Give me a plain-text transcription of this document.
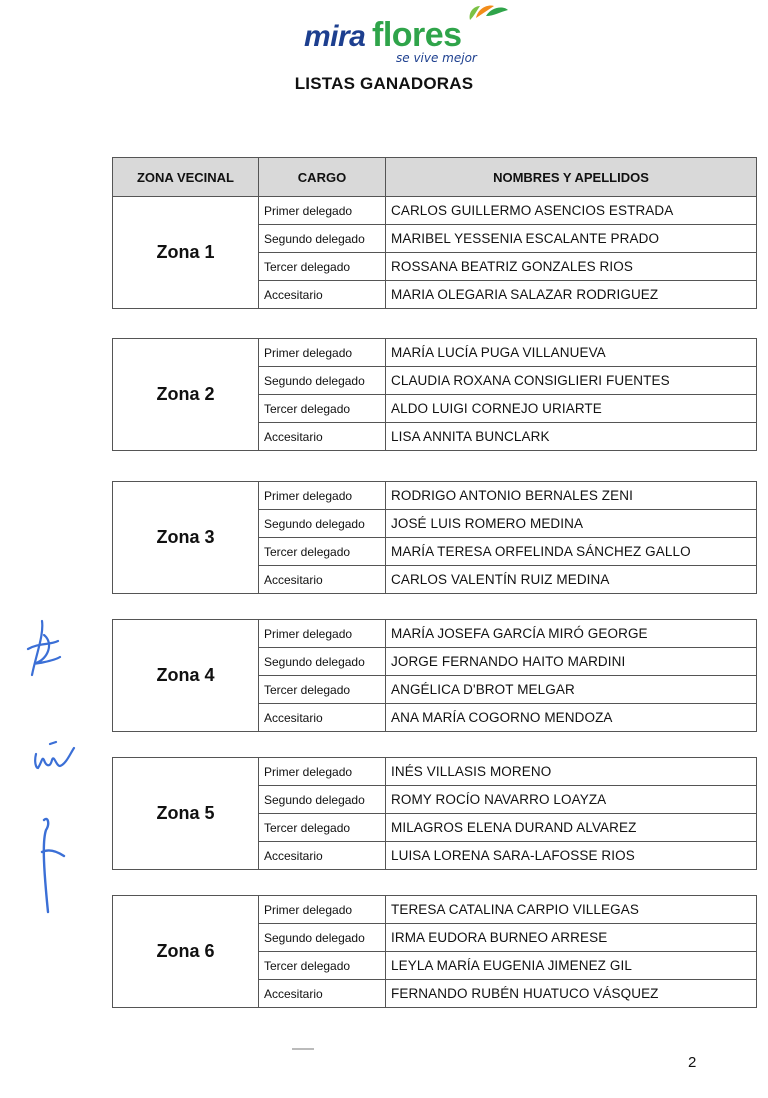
mira flores
se vive mejor
LISTAS GANADORAS
ZONA VECINAL	CARGO	NOMBRES Y APELLIDOS
Zona 1	Primer delegado	CARLOS GUILLERMO ASENCIOS ESTRADA
	Segundo delegado	MARIBEL YESSENIA ESCALANTE PRADO
	Tercer delegado	ROSSANA BEATRIZ GONZALES RIOS
	Accesitario	MARIA OLEGARIA SALAZAR RODRIGUEZ
Zona 2	Primer delegado	MARÍA LUCÍA PUGA VILLANUEVA
	Segundo delegado	CLAUDIA ROXANA CONSIGLIERI FUENTES
	Tercer delegado	ALDO LUIGI CORNEJO URIARTE
	Accesitario	LISA ANNITA BUNCLARK
Zona 3	Primer delegado	RODRIGO ANTONIO BERNALES ZENI
	Segundo delegado	JOSÉ LUIS ROMERO MEDINA
	Tercer delegado	MARÍA TERESA ORFELINDA SÁNCHEZ GALLO
	Accesitario	CARLOS VALENTÍN RUIZ MEDINA
Zona 4	Primer delegado	MARÍA JOSEFA GARCÍA MIRÓ GEORGE
	Segundo delegado	JORGE FERNANDO HAITO MARDINI
	Tercer delegado	ANGÉLICA D'BROT MELGAR
	Accesitario	ANA MARÍA COGORNO MENDOZA
Zona 5	Primer delegado	INÉS VILLASIS MORENO
	Segundo delegado	ROMY ROCÍO NAVARRO LOAYZA
	Tercer delegado	MILAGROS ELENA DURAND ALVAREZ
	Accesitario	LUISA LORENA SARA-LAFOSSE RIOS
Zona 6	Primer delegado	TERESA CATALINA CARPIO VILLEGAS
	Segundo delegado	IRMA EUDORA BURNEO ARRESE
	Tercer delegado	LEYLA MARÍA EUGENIA JIMENEZ GIL
	Accesitario	FERNANDO RUBÉN HUATUCO VÁSQUEZ
2
